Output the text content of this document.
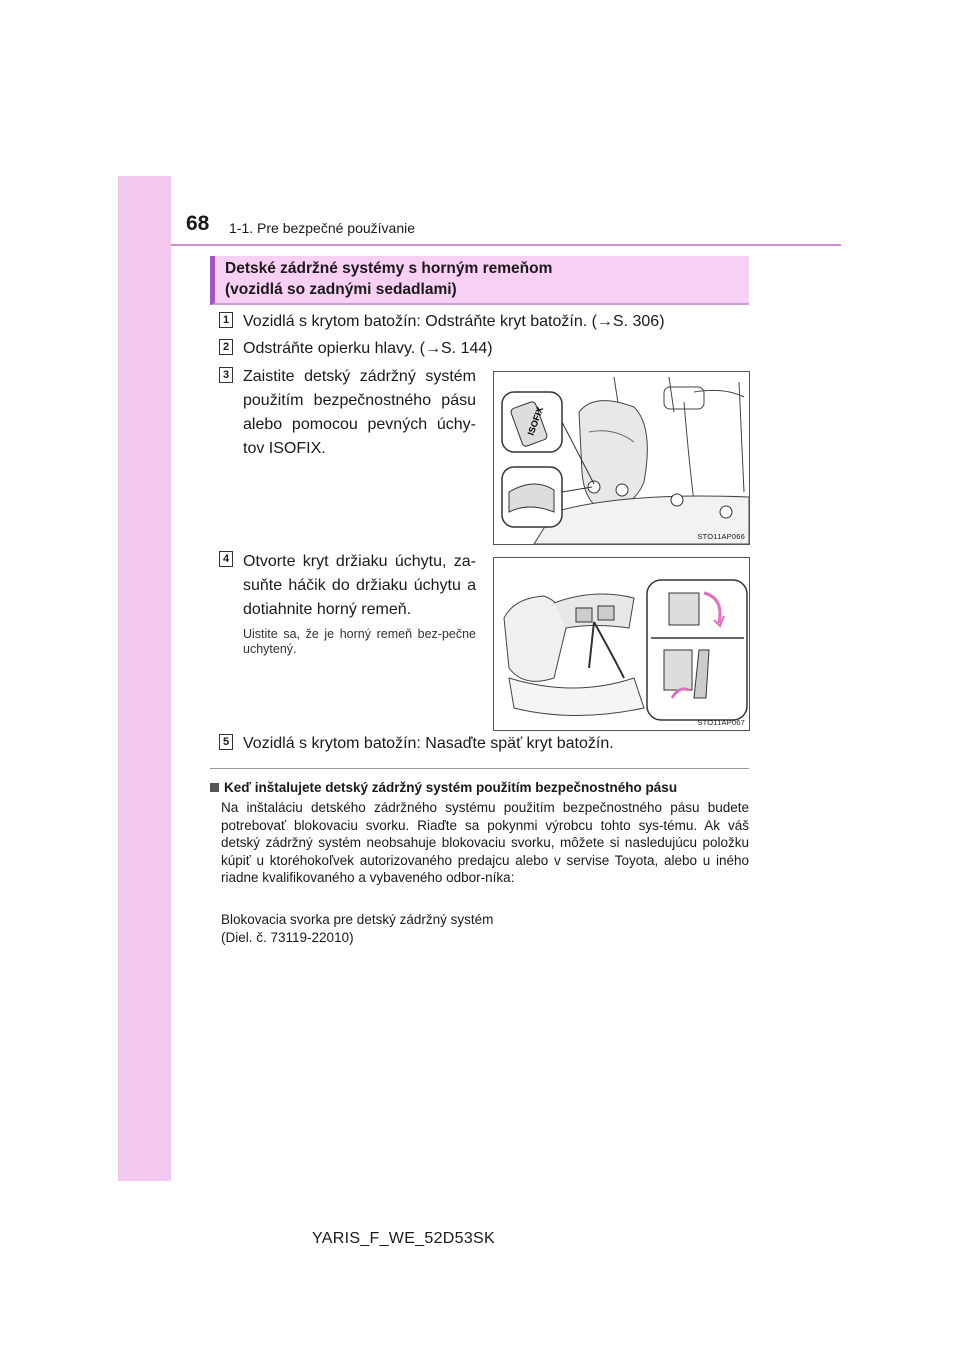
68 1-1. Pre bezpečné používanie
Detské zádržné systémy s horným remeňom
(vozidlá so zadnými sedadlami)
1 Vozidlá s krytom batožín: Odstráňte kryt batožín. (→S. 306)
2 Odstráňte opierku hlavy. (→S. 144)
3 Zaistite detský zádržný systém použitím bezpečnostného pásu alebo pomocou pevných úchy-tov ISOFIX.
ISOFIX
STO11AP066
4 Otvorte kryt držiaku úchytu, za-suňte háčik do držiaku úchytu a dotiahnite horný remeň.
Uistite sa, že je horný remeň bez-pečne uchytený.
STO11AP067
5 Vozidlá s krytom batožín: Nasaďte späť kryt batožín.
Keď inštalujete detský zádržný systém použitím bezpečnostného pásu
Na inštaláciu detského zádržného systému použitím bezpečnostného pásu budete potrebovať blokovaciu svorku. Riaďte sa pokynmi výrobcu tohto sys-tému. Ak váš detský zádržný systém neobsahuje blokovaciu svorku, môžete si nasledujúcu položku kúpiť u ktoréhokoľvek autorizovaného predajcu alebo v servise Toyota, alebo u iného riadne kvalifikovaného a vybaveného odbor-níka:
Blokovacia svorka pre detský zádržný systém
(Diel. č. 73119-22010)
YARIS_F_WE_52D53SK
